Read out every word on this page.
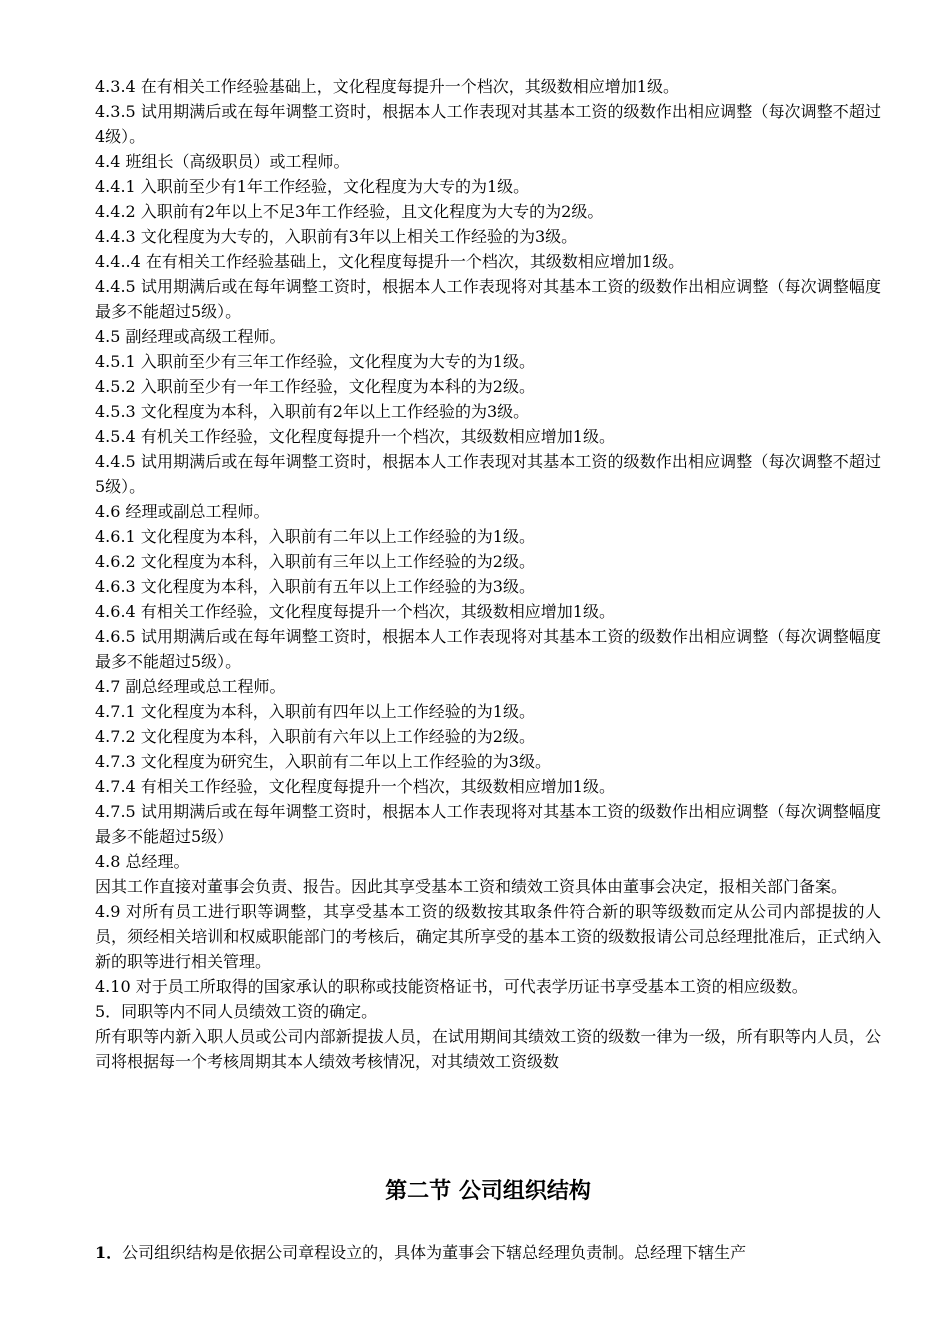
4.3.4 在有相关工作经验基础上，文化程度每提升一个档次，其级数相应增加1级。

4.3.5 试用期满后或在每年调整工资时，根据本人工作表现对其基本工资的级数作出相应调整（每次调整不超过4级）。

4.4 班组长（高级职员）或工程师。

4.4.1 入职前至少有1年工作经验，文化程度为大专的为1级。

4.4.2 入职前有2年以上不足3年工作经验，且文化程度为大专的为2级。

4.4.3 文化程度为大专的，入职前有3年以上相关工作经验的为3级。

4.4..4 在有相关工作经验基础上，文化程度每提升一个档次，其级数相应增加1级。

4.4.5 试用期满后或在每年调整工资时，根据本人工作表现将对其基本工资的级数作出相应调整（每次调整幅度最多不能超过5级）。

4.5 副经理或高级工程师。

4.5.1 入职前至少有三年工作经验，文化程度为大专的为1级。

4.5.2 入职前至少有一年工作经验，文化程度为本科的为2级。

4.5.3 文化程度为本科，入职前有2年以上工作经验的为3级。

4.5.4 有机关工作经验，文化程度每提升一个档次，其级数相应增加1级。

4.4.5 试用期满后或在每年调整工资时，根据本人工作表现对其基本工资的级数作出相应调整（每次调整不超过5级）。

4.6 经理或副总工程师。

4.6.1 文化程度为本科，入职前有二年以上工作经验的为1级。

4.6.2 文化程度为本科，入职前有三年以上工作经验的为2级。

4.6.3 文化程度为本科，入职前有五年以上工作经验的为3级。

4.6.4 有相关工作经验，文化程度每提升一个档次，其级数相应增加1级。

4.6.5 试用期满后或在每年调整工资时，根据本人工作表现将对其基本工资的级数作出相应调整（每次调整幅度最多不能超过5级）。

4.7 副总经理或总工程师。

4.7.1 文化程度为本科，入职前有四年以上工作经验的为1级。

4.7.2 文化程度为本科，入职前有六年以上工作经验的为2级。

4.7.3 文化程度为研究生，入职前有二年以上工作经验的为3级。

4.7.4 有相关工作经验，文化程度每提升一个档次，其级数相应增加1级。

4.7.5 试用期满后或在每年调整工资时，根据本人工作表现将对其基本工资的级数作出相应调整（每次调整幅度最多不能超过5级）

4.8 总经理。

因其工作直接对董事会负责、报告。因此其享受基本工资和绩效工资具体由董事会决定，报相关部门备案。

4.9 对所有员工进行职等调整，其享受基本工资的级数按其取条件符合新的职等级数而定从公司内部提拔的人员，须经相关培训和权威职能部门的考核后，确定其所享受的基本工资的级数报请公司总经理批准后，正式纳入新的职等进行相关管理。

4.10 对于员工所取得的国家承认的职称或技能资格证书，可代表学历证书享受基本工资的相应级数。

5．同职等内不同人员绩效工资的确定。

所有职等内新入职人员或公司内部新提拔人员，在试用期间其绩效工资的级数一律为一级，所有职等内人员，公司将根据每一个考核周期其本人绩效考核情况，对其绩效工资级数

第二节 公司组织结构

1．公司组织结构是依据公司章程设立的，具体为董事会下辖总经理负责制。总经理下辖生产
